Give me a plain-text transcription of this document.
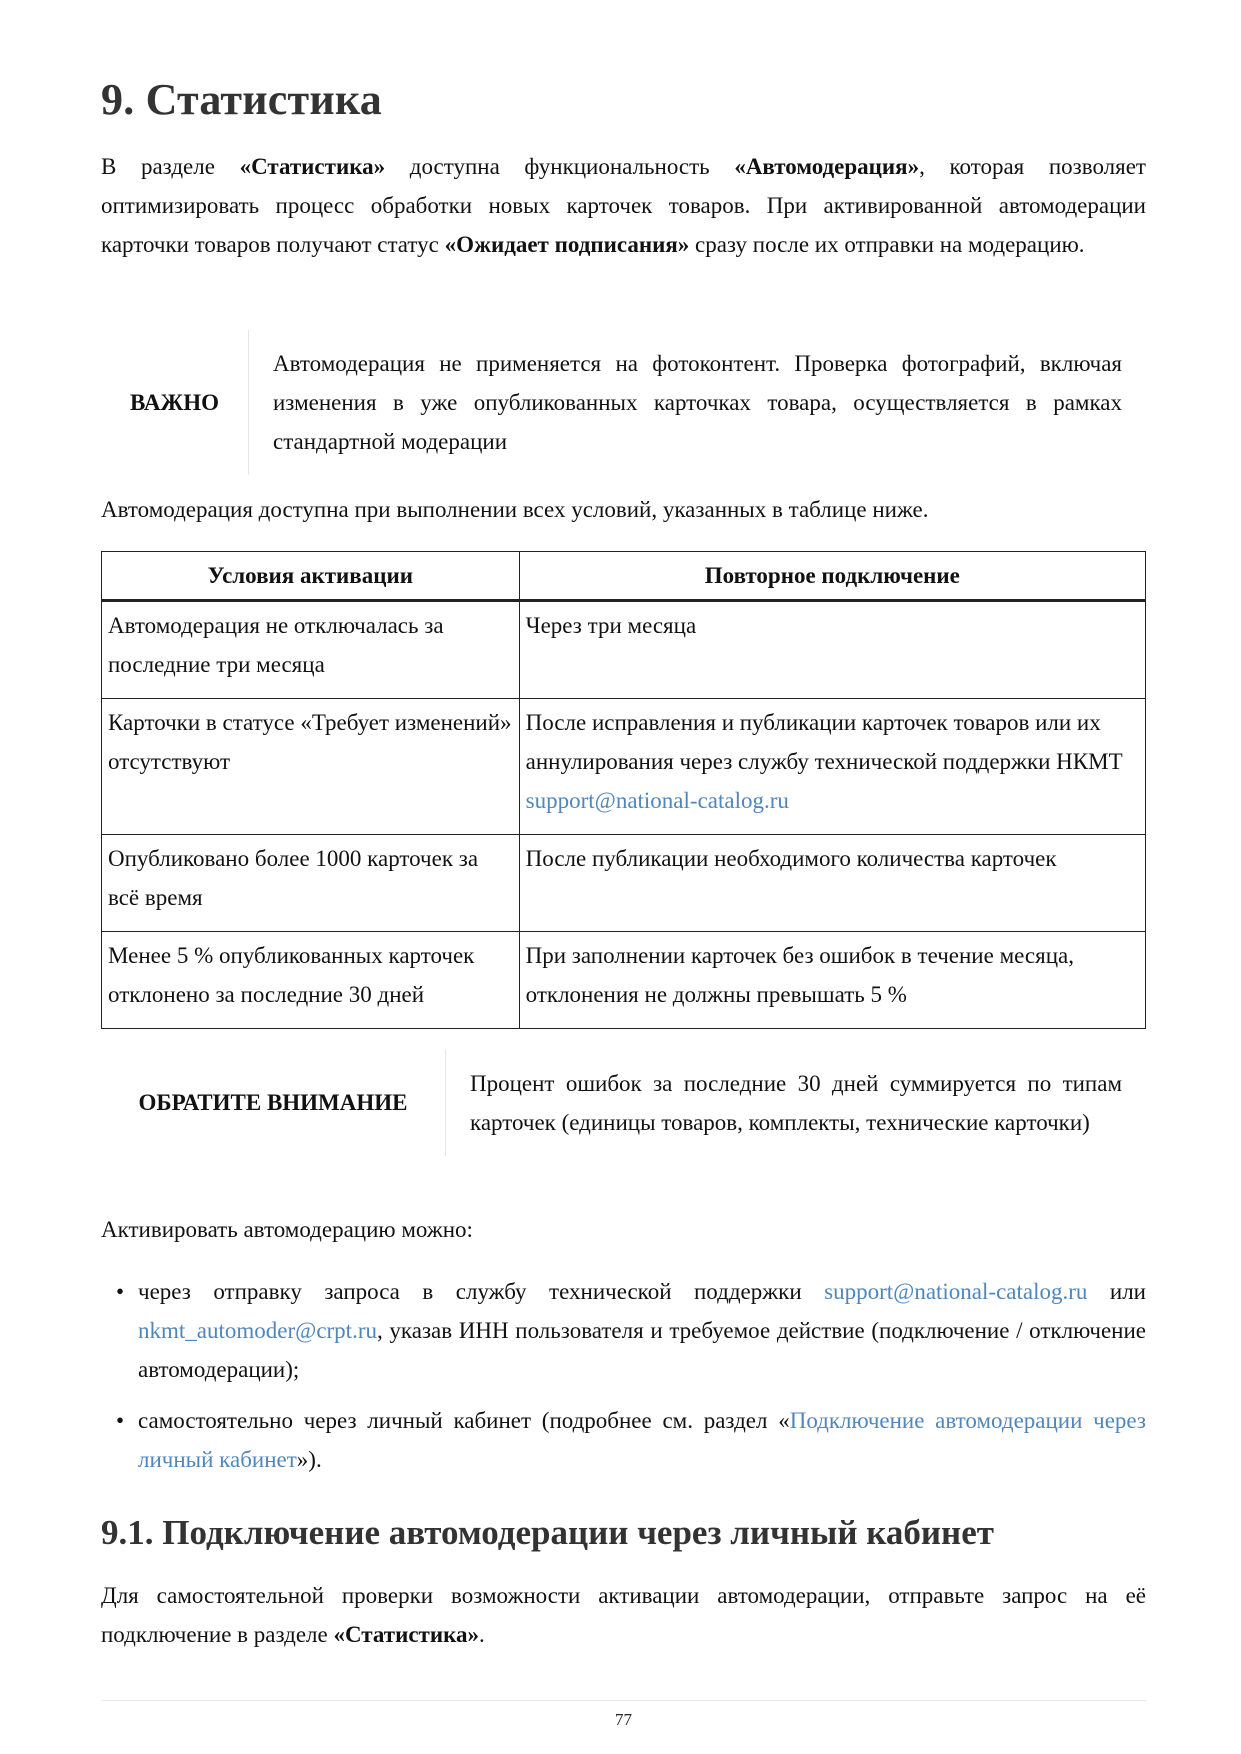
9. Статистика

В разделе «Статистика» доступна функциональность «Автомодерация», которая позволяет оптимизировать процесс обработки новых карточек товаров. При активированной автомодерации карточки товаров получают статус «Ожидает подписания» сразу после их отправки на модерацию.

ВАЖНО
Автомодерация не применяется на фотоконтент. Проверка фотографий, включая изменения в уже опубликованных карточках товара, осуществляется в рамках стандартной модерации

Автомодерация доступна при выполнении всех условий, указанных в таблице ниже.

Условия активации	Повторное подключение
Автомодерация не отключалась за последние три месяца	Через три месяца
Карточки в статусе «Требует изменений» отсутствуют	После исправления и публикации карточек товаров или их аннулирования через службу технической поддержки НКМТ support@national-catalog.ru
Опубликовано более 1000 карточек за всё время	После публикации необходимого количества карточек
Менее 5 % опубликованных карточек отклонено за последние 30 дней	При заполнении карточек без ошибок в течение месяца, отклонения не должны превышать 5 %
ОБРАТИТЕ ВНИМАНИЕ
Процент ошибок за последние 30 дней суммируется по типам карточек (единицы товаров, комплекты, технические карточки)

Активировать автомодерацию можно:

• через отправку запроса в службу технической поддержки support@national-catalog.ru или nkmt_automoder@crpt.ru, указав ИНН пользователя и требуемое действие (подключение / отключение автомодерации);
• самостоятельно через личный кабинет (подробнее см. раздел «Подключение автомодерации через личный кабинет»).
9.1. Подключение автомодерации через личный кабинет

Для самостоятельной проверки возможности активации автомодерации, отправьте запрос на её подключение в разделе «Статистика».

77
